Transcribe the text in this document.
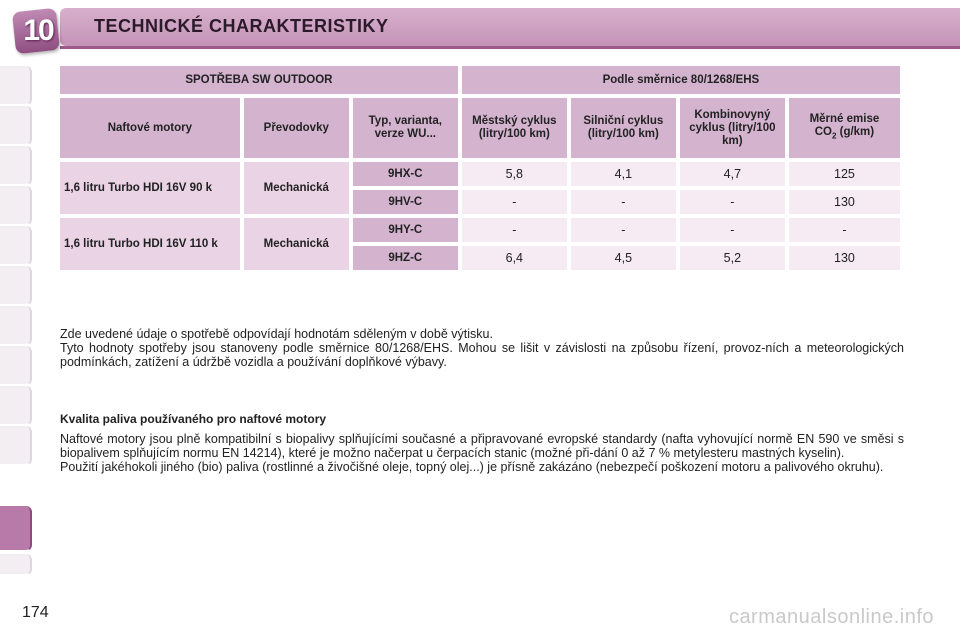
10	TECHNICKÉ CHARAKTERISTIKY
SPOTŘEBA SW OUTDOOR			Podle směrnice 80/1268/EHS			
Naftové motory	Převodovky	Typ, varianta, verze WU...	Městský cyklus (litry/100 km)	Silniční cyklus (litry/100 km)	Kombinovyný cyklus (litry/100 km)	Měrné emise
$CO_2$ (g/km)
1,6 litru Turbo HDI 16V 90 k	Mechanická	9HX-C	5,8	4,1	4,7	125
		9HV-C	-	-	-	130
1,6 litru Turbo HDI 16V 110 k	Mechanická	9HY-C	-	-	-	-
		9HZ-C	6,4	4,5	5,2	130

Zde uvedené údaje o spotřebě odpovídají hodnotám sděleným v době výtisku.

Tyto hodnoty spotřeby jsou stanoveny podle směrnice 80/1268/EHS. Mohou se lišit v závislosti na způsobu řízení, provoz-ních a meteorologických podmínkách, zatížení a údržbě vozidla a používání doplňkové výbavy.

Kvalita paliva používaného pro naftové motory

Naftové motory jsou plně kompatibilní s biopalivy splňujícími současné a připravované evropské standardy (nafta vyhovující normě EN 590 ve směsi s biopalivem splňujícím normu EN 14214), které je možno načerpat u čerpacích stanic (možné při-dání 0 až 7 % metylesteru mastných kyselin).

Použití jakéhokoli jiného (bio) paliva (rostlinné a živočišné oleje, topný olej...) je přísně zakázáno (nebezpečí poškození motoru a palivového okruhu).

174	carmanualsonline.info
